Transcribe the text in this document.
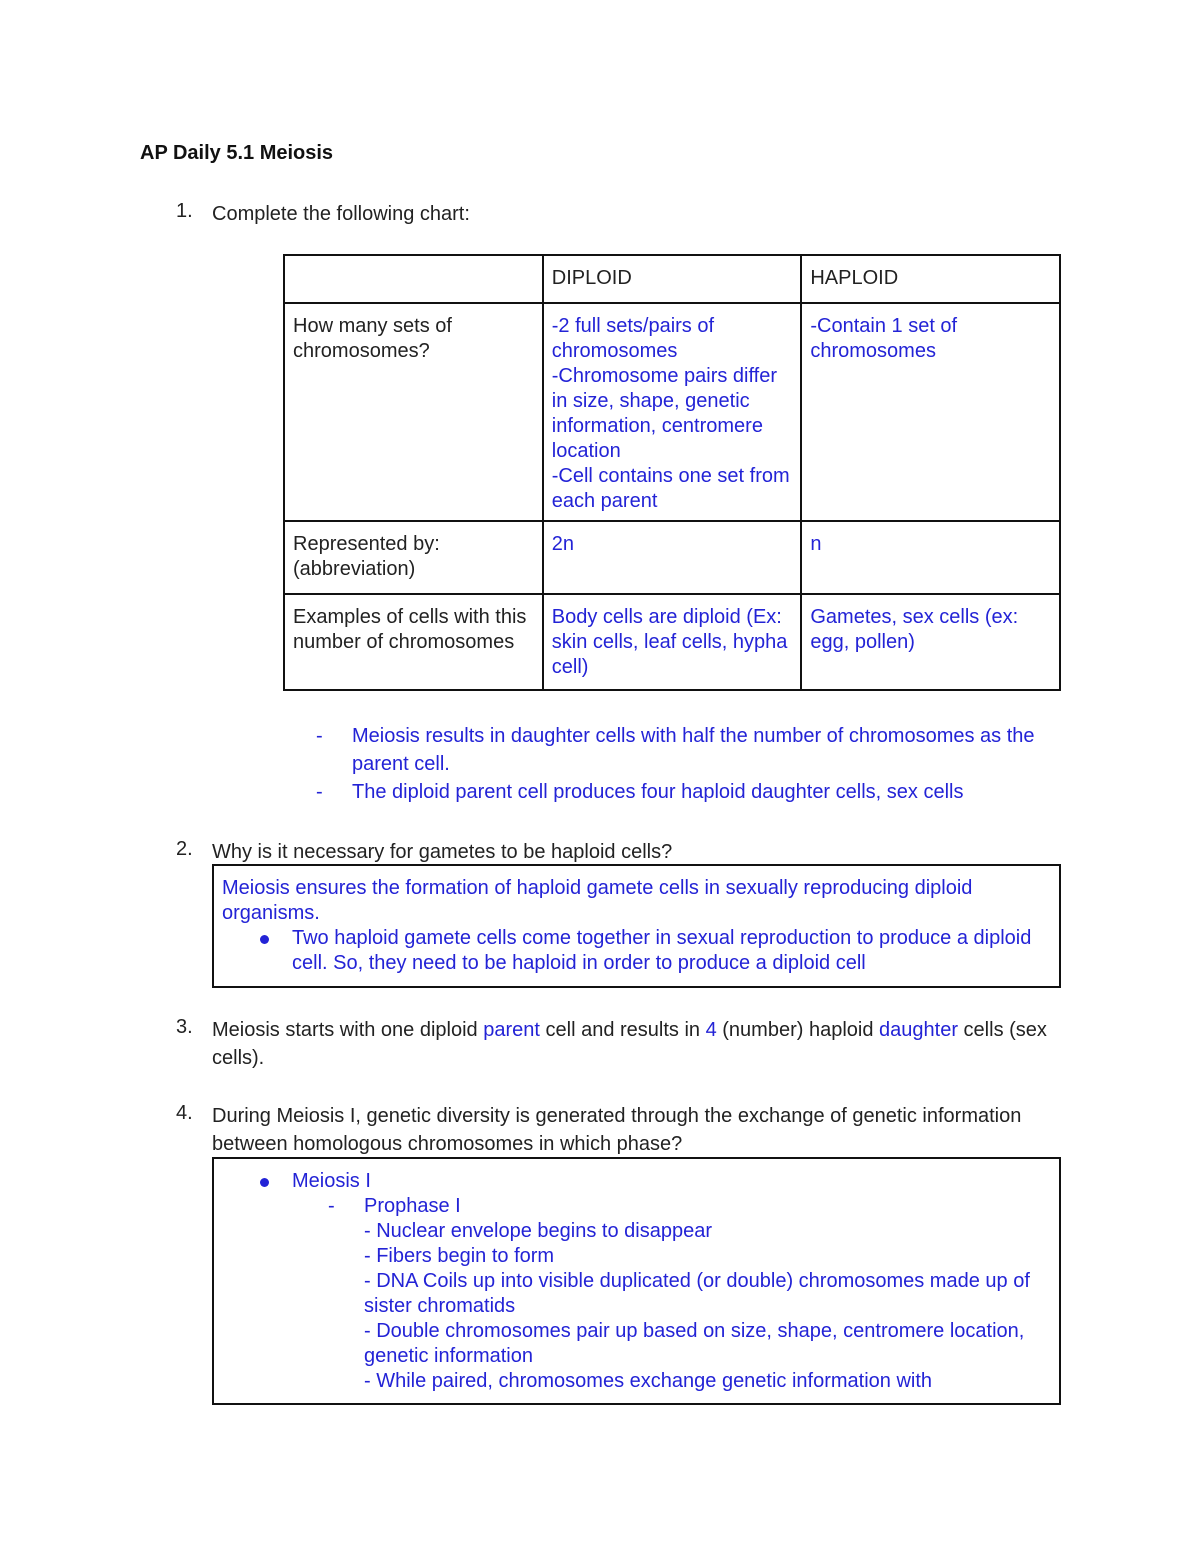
AP Daily 5.1 Meiosis
1. Complete the following chart:
	DIPLOID	HAPLOID
How many sets of chromosomes?	-2 full sets/pairs of chromosomes
-Chromosome pairs differ in size, shape, genetic information, centromere location
-Cell contains one set from each parent	-Contain 1 set of chromosomes

Represented by: (abbreviation)	2n	n

Examples of cells with this number of chromosomes	Body cells are diploid (Ex: skin cells, leaf cells, hypha cell)	Gametes, sex cells (ex: egg, pollen)
- Meiosis results in daughter cells with half the number of chromosomes as the parent cell.
- The diploid parent cell produces four haploid daughter cells, sex cells
2. Why is it necessary for gametes to be haploid cells?
Meiosis ensures the formation of haploid gamete cells in sexually reproducing diploid organisms.
Two haploid gamete cells come together in sexual reproduction to produce a diploid cell. So, they need to be haploid in order to produce a diploid cell
3. Meiosis starts with one diploid parent cell and results in 4 (number) haploid daughter cells (sex cells).
4. During Meiosis I, genetic diversity is generated through the exchange of genetic information between homologous chromosomes in which phase?
Meiosis I
- Prophase I
- Nuclear envelope begins to disappear
- Fibers begin to form
- DNA Coils up into visible duplicated (or double) chromosomes made up of sister chromatids
- Double chromosomes pair up based on size, shape, centromere location, genetic information
- While paired, chromosomes exchange genetic information with
